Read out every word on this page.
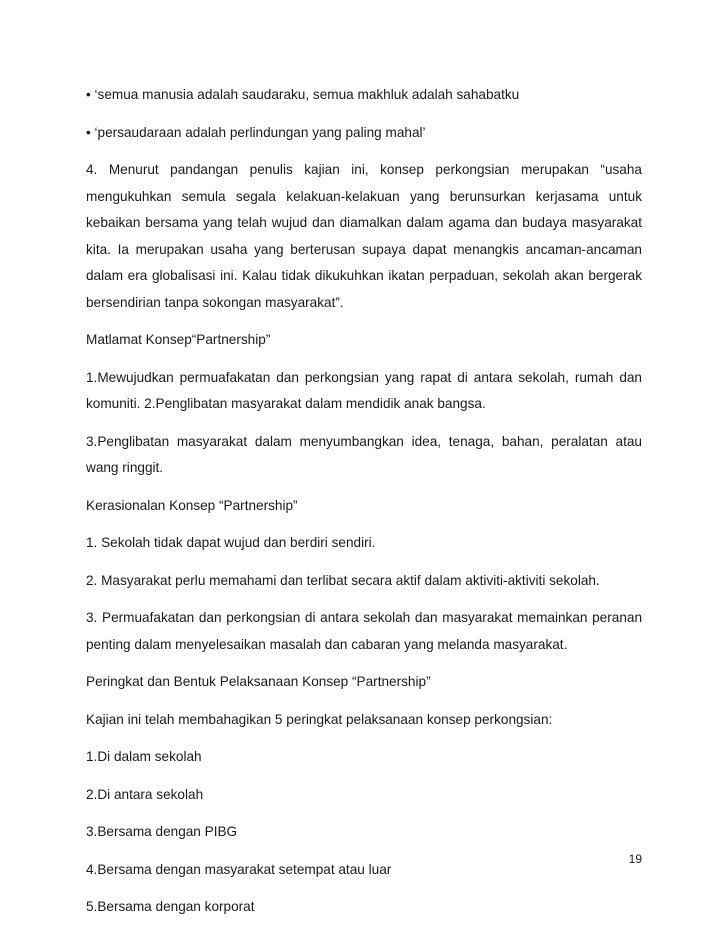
• ‘semua manusia adalah saudaraku, semua makhluk adalah sahabatku

• ‘persaudaraan adalah perlindungan yang paling mahal’

4. Menurut pandangan penulis kajian ini, konsep perkongsian merupakan “usaha mengukuhkan semula segala kelakuan-kelakuan yang berunsurkan kerjasama untuk kebaikan bersama yang telah wujud dan diamalkan dalam agama dan budaya masyarakat kita. Ia merupakan usaha yang berterusan supaya dapat menangkis ancaman-ancaman dalam era globalisasi ini. Kalau tidak dikukuhkan ikatan perpaduan, sekolah akan bergerak bersendirian tanpa sokongan masyarakat”.

Matlamat Konsep“Partnership”

1.Mewujudkan permuafakatan dan perkongsian yang rapat di antara sekolah, rumah dan komuniti. 2.Penglibatan masyarakat dalam mendidik anak bangsa.

3.Penglibatan masyarakat dalam menyumbangkan idea, tenaga, bahan, peralatan atau wang ringgit.

Kerasionalan Konsep “Partnership”

1. Sekolah tidak dapat wujud dan berdiri sendiri.

2. Masyarakat perlu memahami dan terlibat secara aktif dalam aktiviti-aktiviti sekolah.

3. Permuafakatan dan perkongsian di antara sekolah dan masyarakat memainkan peranan penting dalam menyelesaikan masalah dan cabaran yang melanda masyarakat.

Peringkat dan Bentuk Pelaksanaan Konsep “Partnership”

Kajian ini telah membahagikan 5 peringkat pelaksanaan konsep perkongsian:

1.Di dalam sekolah

2.Di antara sekolah

3.Bersama dengan PIBG

4.Bersama dengan masyarakat setempat atau luar

5.Bersama dengan korporat

19
